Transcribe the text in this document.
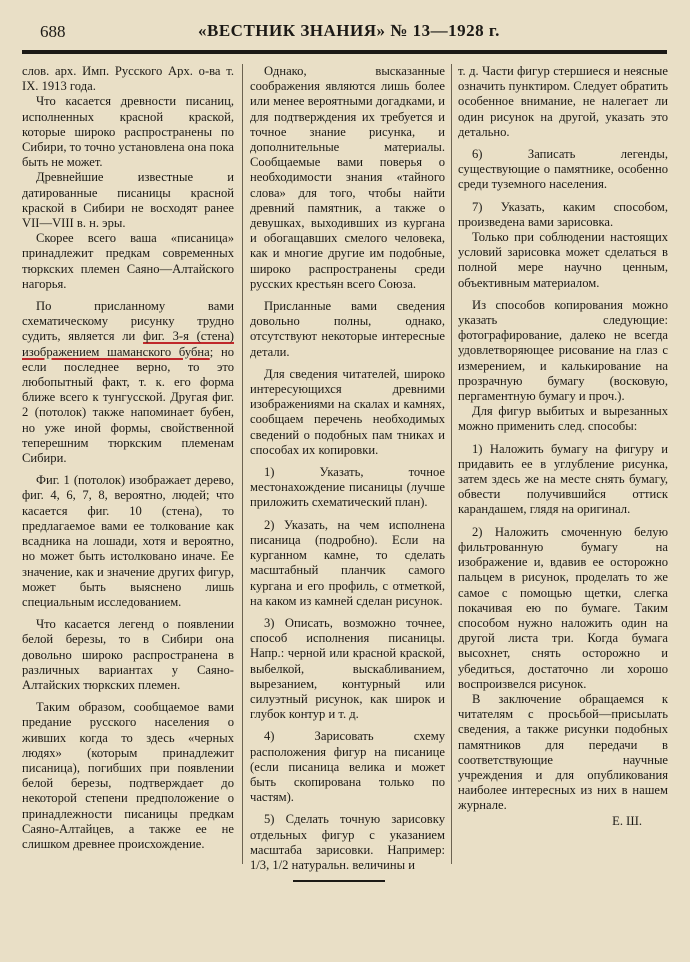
688	«ВЕСТНИК ЗНАНИЯ» № 13—1928 г.

слов. арх. Имп. Русского Арх. о-ва т. IX. 1913 года.

Что касается древности писаниц, исполненных красной краской, которые широко распространены по Сибири, то точно установлена она пока быть не может.

Древнейшие известные и датированные писаницы красной краской в Сибири не восходят ранее VII—VIII в. н. эры.

Скорее всего ваша «писаница» принадлежит предкам современных тюркских племен Саяно—Алтайского нагорья.

По присланному вами схематическому рисунку трудно судить, является ли фиг. 3-я (стена) изображением шаманского бубна; но если последнее верно, то это любопытный факт, т. к. его форма ближе всего к тунгусской. Другая фиг. 2 (потолок) также напоминает бубен, но уже иной формы, свойственной теперешним тюркским племенам Сибири.

Фиг. 1 (потолок) изображает дерево, фиг. 4, 6, 7, 8, вероятно, людей; что касается фиг. 10 (стена), то предлагаемое вами ее толкование как всадника на лошади, хотя и вероятно, но может быть истолковано иначе. Ее значение, как и значение других фигур, может быть выяснено лишь специальным исследованием.

Что касается легенд о появлении белой березы, то в Сибири она довольно широко распространена в различных вариантах у Саяно-Алтайских тюркских племен.

Таким образом, сообщаемое вами предание русского населения о живших когда то здесь «черных людях» (которым принадлежит писаница), погибших при появлении белой березы, подтверждает до некоторой степени предположение о принадлежности писаницы предкам Саяно-Алтайцев, а также ее не слишком древнее происхождение.

Однако, высказанные соображения являются лишь более или менее вероятными догадками, и для подтверждения их требуется и точное знание рисунка, и дополнительные материалы. Сообщаемые вами поверья о необходимости знания «тайного слова» для того, чтобы найти древний памятник, а также о девушках, выходивших из кургана и обогащавших смелого человека, как и многие другие им подобные, широко распространены среди русских крестьян всего Союза.

Присланные вами сведения довольно полны, однако, отсутствуют некоторые интересные детали.

Для сведения читателей, широко интересующихся древними изображениями на скалах и камнях, сообщаем перечень необходимых сведений о подобных пам тниках и способах их копировки.

1) Указать, точное местонахождение писаницы (лучше приложить схематический план).

2) Указать, на чем исполнена писаница (подробно). Если на курганном камне, то сделать масштабный планчик самого кургана и его профиль, с отметкой, на каком из камней сделан рисунок.

3) Описать, возможно точнее, способ исполнения писаницы. Напр.: черной или красной краской, выбелкой, выскабливанием, вырезанием, контурный или силуэтный рисунок, как широк и глубок контур и т. д.

4) Зарисовать схему расположения фигур на писанице (если писаница велика и может быть скопирована только по частям).

5) Сделать точную зарисовку отдельных фигур с указанием масштаба зарисовки. Например: 1/3, 1/2 натуральн. величины и

т. д. Части фигур стершиеся и неясные означить пунктиром. Следует обратить особенное внимание, не налегает ли один рисунок на другой, указать это детально.

6) Записать легенды, существующие о памятнике, особенно среди туземного населения.

7) Указать, каким способом, произведена вами зарисовка.

Только при соблюдении настоящих условий зарисовка может сделаться в полной мере научно ценным, объективным материалом.

Из способов копирования можно указать следующие: фотографирование, далеко не всегда удовлетворяющее рисование на глаз с измерением, и калькирование на прозрачную бумагу (восковую, пергаментную бумагу и проч.).

Для фигур выбитых и вырезанных можно применить след. способы:

1) Наложить бумагу на фигуру и придавить ее в углубление рисунка, затем здесь же на месте снять бумагу, обвести получившийся оттиск карандашем, глядя на оригинал.

2) Наложить смоченную белую фильтрованную бумагу на изображение и, вдавив ее осторожно пальцем в рисунок, проделать то же самое с помощью щетки, слегка покачивая ею по бумаге. Таким способом нужно наложить один на другой листа три. Когда бумага высохнет, снять осторожно и убедиться, достаточно ли хорошо воспроизвелся рисунок.

В заключение обращаемся к читателям с просьбой—присылать сведения, а также рисунки подобных памятников для передачи в соответствующие научные учреждения и для опубликования наиболее интересных из них в нашем журнале.

Е. Ш.
